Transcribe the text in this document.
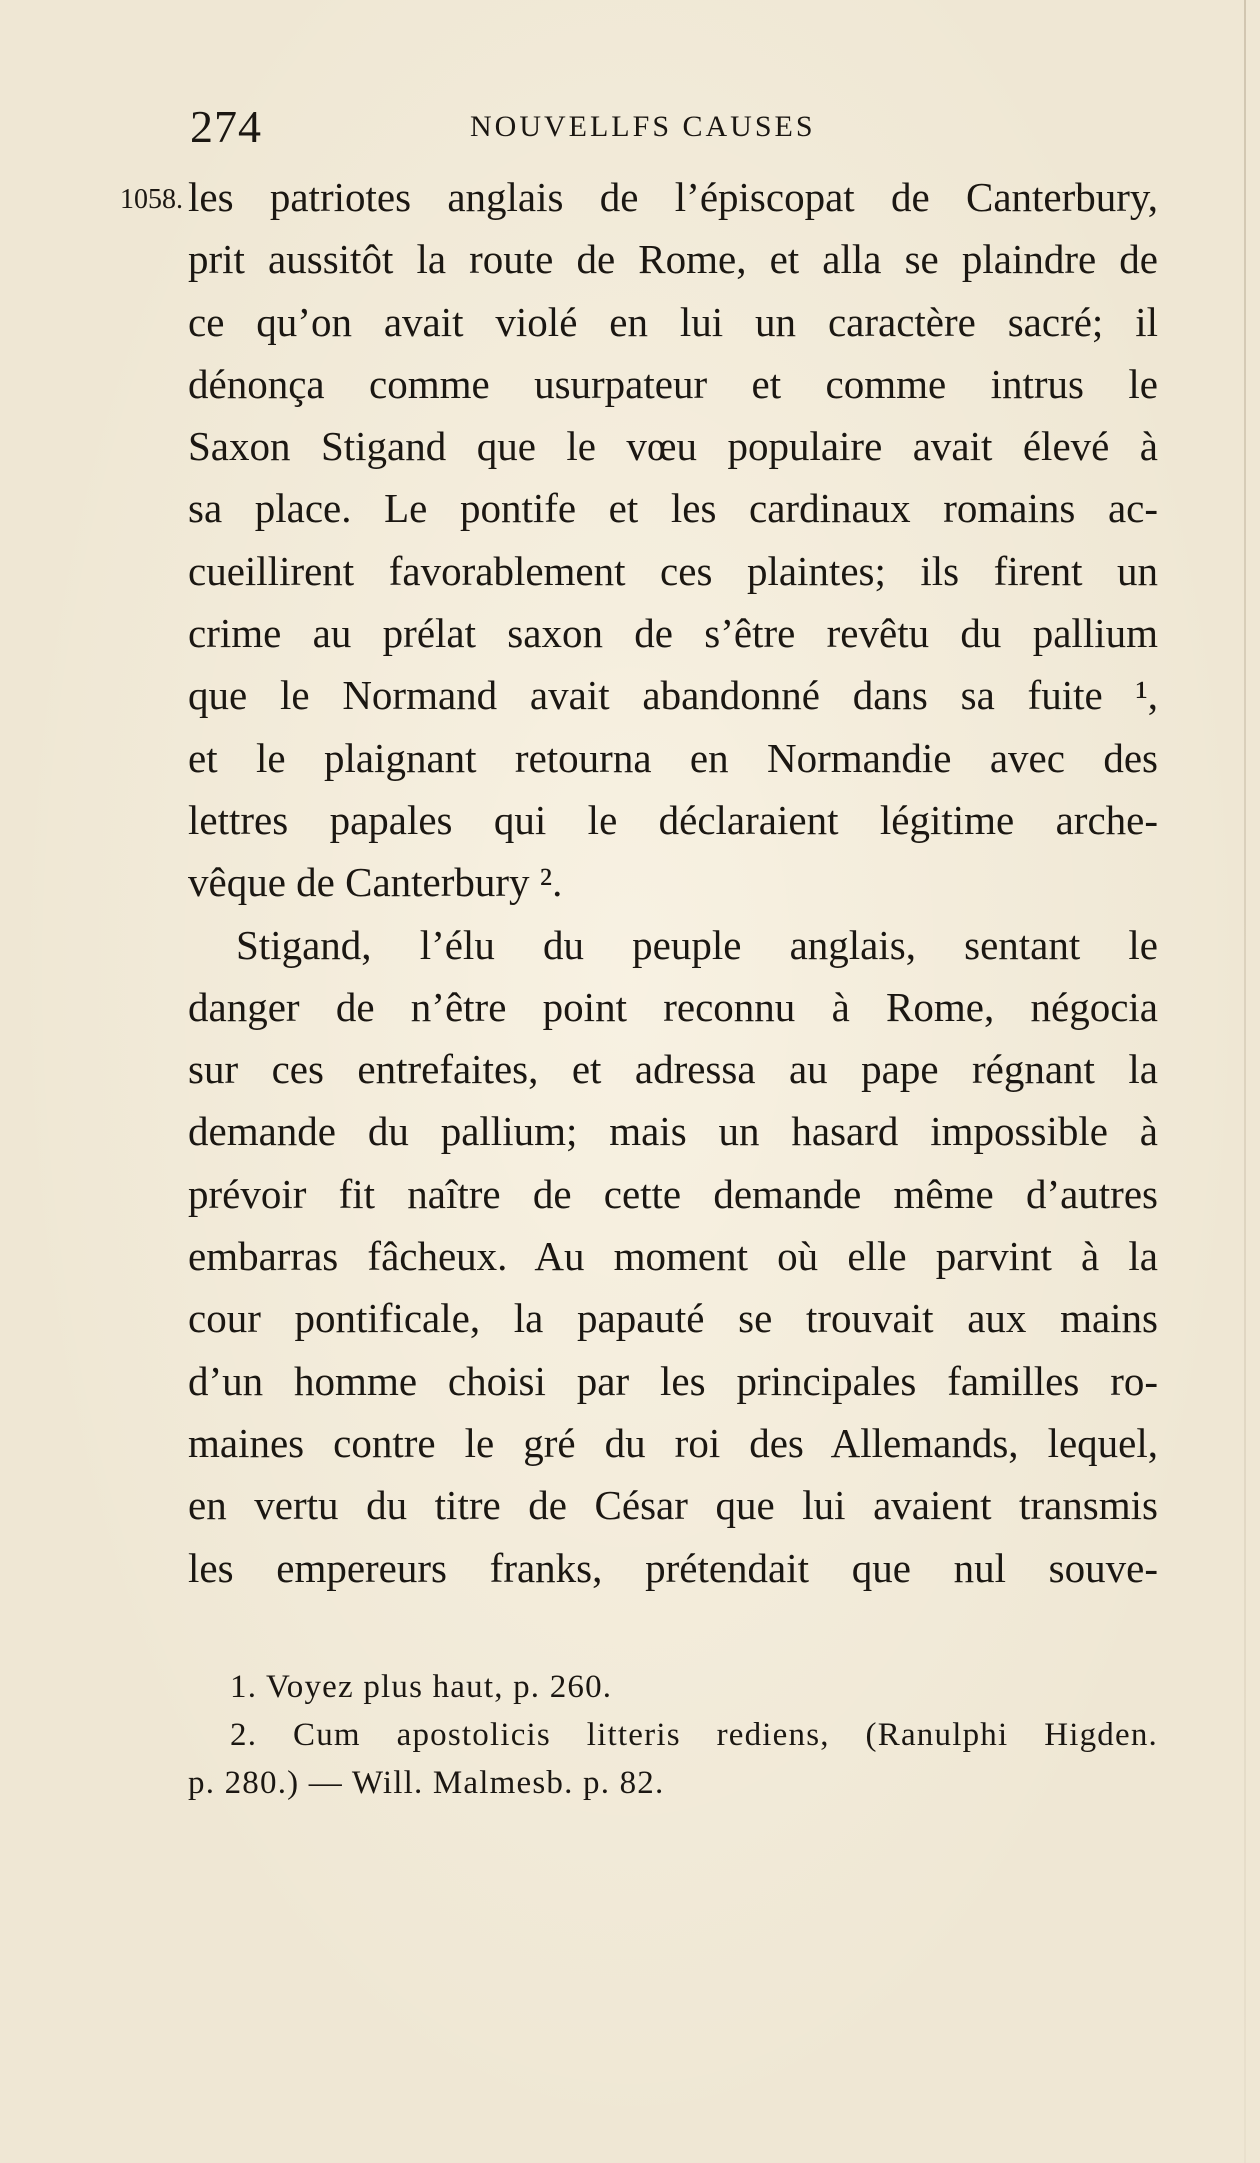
274	NOUVELLFS CAUSES
1058. les patriotes anglais de l’épiscopat de Canterbury,
prit aussitôt la route de Rome, et alla se plaindre de
ce qu’on avait violé en lui un caractère sacré; il
dénonça comme usurpateur et comme intrus le
Saxon Stigand que le vœu populaire avait élevé à
sa place. Le pontife et les cardinaux romains ac-
cueillirent favorablement ces plaintes; ils firent un
crime au prélat saxon de s’être revêtu du pallium
que le Normand avait abandonné dans sa fuite ¹,
et le plaignant retourna en Normandie avec des
lettres papales qui le déclaraient légitime arche-
vêque de Canterbury ².
Stigand, l’élu du peuple anglais, sentant le
danger de n’être point reconnu à Rome, négocia
sur ces entrefaites, et adressa au pape régnant la
demande du pallium; mais un hasard impossible à
prévoir fit naître de cette demande même d’autres
embarras fâcheux. Au moment où elle parvint à la
cour pontificale, la papauté se trouvait aux mains
d’un homme choisi par les principales familles ro-
maines contre le gré du roi des Allemands, lequel,
en vertu du titre de César que lui avaient transmis
les empereurs franks, prétendait que nul souve-
1. Voyez plus haut, p. 260.
2. Cum apostolicis litteris rediens, (Ranulphi Higden.
p. 280.) — Will. Malmesb. p. 82.
